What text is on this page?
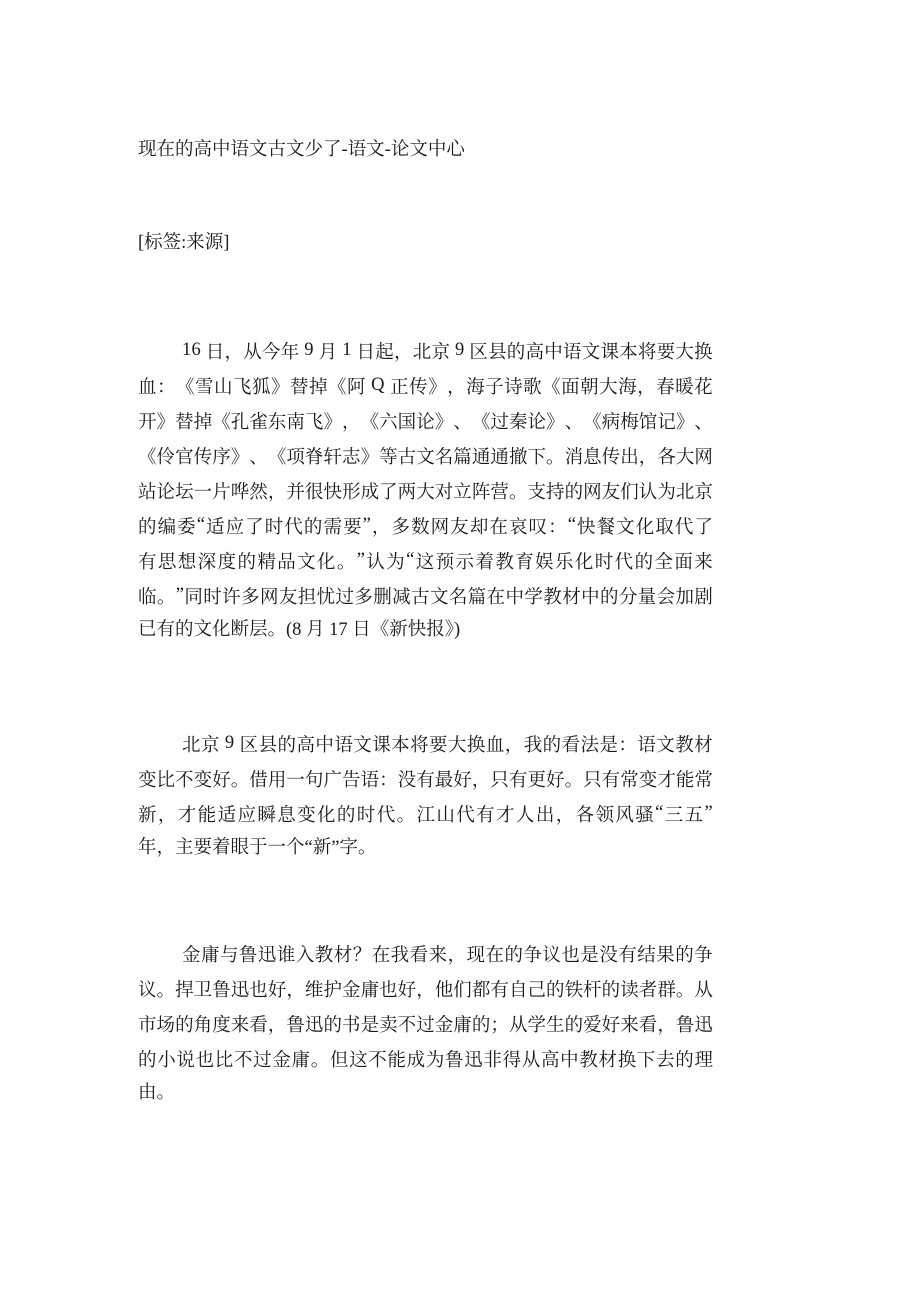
现在的高中语文古文少了-语文-论文中心
[标签:来源]
1 6
日 ， 从 今 年
9
月
1
日 起 ， 北 京
9
区 县 的 高 中 语 文 课 本 将 要 大 换
血 ： 《 雪 山 飞 狐 》 替 掉 《 阿
Q
正 传 》 ， 海 子 诗 歌 《 面 朝 大 海 ， 春 暖 花
开 》 替 掉 《 孔 雀 东 南 飞 》 ， 《 六 国 论 》 、 《 过 秦 论 》 、 《 病 梅 馆 记 》 、
《 伶 官 传 序 》 、 《 项 脊 轩 志 》 等 古 文 名 篇 通 通 撤 下 。 消 息 传 出 ， 各 大 网
站 论 坛 一 片 哗 然 ， 并 很 快 形 成 了 两 大 对 立 阵 营 。 支 持 的 网 友 们 认 为 北 京
的 编 委 “ 适 应 了 时 代 的 需 要 ” ， 多 数 网 友 却 在 哀 叹 ： “ 快 餐 文 化 取 代 了
有 思 想 深 度 的 精 品 文 化 。 ” 认 为 “ 这 预 示 着 教 育 娱 乐 化 时 代 的 全 面 来
临 。 ” 同 时 许 多 网 友 担 忧 过 多 删 减 古 文 名 篇 在 中 学 教 材 中 的 分 量 会 加 剧
已有的文化断层。(8 月 17 日《新快报》)
北 京
9
区 县 的 高 中 语 文 课 本 将 要 大 换 血 ， 我 的 看 法 是 ： 语 文 教 材
变 比 不 变 好 。 借 用 一 句 广 告 语 ： 没 有 最 好 ， 只 有 更 好 。 只 有 常 变 才 能 常
新 ， 才 能 适 应 瞬 息 变 化 的 时 代 。 江 山 代 有 才 人 出 ， 各 领 风 骚 “ 三 五 ”
年，主要着眼于一个“新”字。
金 庸 与 鲁 迅 谁 入 教 材 ？ 在 我 看 来 ， 现 在 的 争 议 也 是 没 有 结 果 的 争
议 。 捍 卫 鲁 迅 也 好 ， 维 护 金 庸 也 好 ， 他 们 都 有 自 己 的 铁 杆 的 读 者 群 。 从
市 场 的 角 度 来 看 ， 鲁 迅 的 书 是 卖 不 过 金 庸 的 ； 从 学 生 的 爱 好 来 看 ， 鲁 迅
的 小 说 也 比 不 过 金 庸 。 但 这 不 能 成 为 鲁 迅 非 得 从 高 中 教 材 换 下 去 的 理
由。
